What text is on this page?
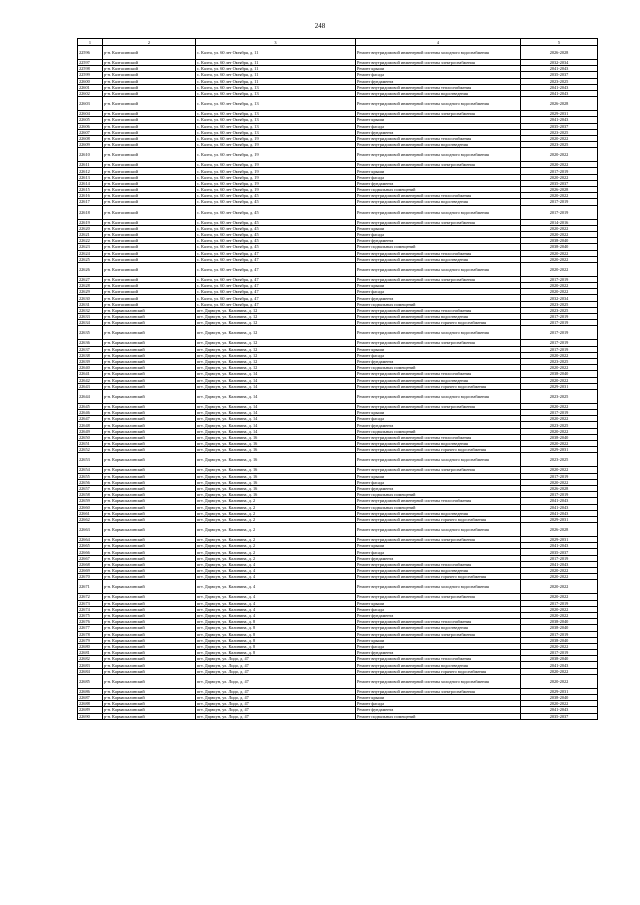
248
1	2	3	4	5
22596	р-н. Калтасинский	с. Калта, ул. 60 лет Октября, д. 11	Ремонт внутридомовой инженерной системы холодного водоснабжения	2026-2028
22597	р-н. Калтасинский	с. Калта, ул. 60 лет Октября, д. 11	Ремонт внутридомовой инженерной системы электроснабжения	2032-2034
22598	р-н. Калтасинский	с. Калта, ул. 60 лет Октября, д. 11	Ремонт крыши	2041-2043
22599	р-н. Калтасинский	с. Калта, ул. 60 лет Октября, д. 11	Ремонт фасада	2035-2037
22600	р-н. Калтасинский	с. Калта, ул. 60 лет Октября, д. 11	Ремонт фундамента	2023-2025
22601	р-н. Калтасинский	с. Калта, ул. 60 лет Октября, д. 13	Ремонт внутридомовой инженерной системы теплоснабжения	2041-2043
22602	р-н. Калтасинский	с. Калта, ул. 60 лет Октября, д. 13	Ремонт внутридомовой инженерной системы водоотведения	2041-2043
22603	р-н. Калтасинский	с. Калта, ул. 60 лет Октября, д. 13	Ремонт внутридомовой инженерной системы холодного водоснабжения	2026-2028
22604	р-н. Калтасинский	с. Калта, ул. 60 лет Октября, д. 13	Ремонт внутридомовой инженерной системы электроснабжения	2029-2031
22605	р-н. Калтасинский	с. Калта, ул. 60 лет Октября, д. 13	Ремонт крыши	2041-2043
22606	р-н. Калтасинский	с. Калта, ул. 60 лет Октября, д. 13	Ремонт фасада	2035-2037
22607	р-н. Калтасинский	с. Калта, ул. 60 лет Октября, д. 13	Ремонт фундамента	2023-2025
22608	р-н. Калтасинский	с. Калта, ул. 60 лет Октября, д. 19	Ремонт внутридомовой инженерной системы теплоснабжения	2020-2022
22609	р-н. Калтасинский	с. Калта, ул. 60 лет Октября, д. 19	Ремонт внутридомовой инженерной системы водоотведения	2023-2025
22610	р-н. Калтасинский	с. Калта, ул. 60 лет Октября, д. 19	Ремонт внутридомовой инженерной системы холодного водоснабжения	2020-2022
22611	р-н. Калтасинский	с. Калта, ул. 60 лет Октября, д. 19	Ремонт внутридомовой инженерной системы электроснабжения	2020-2022
22612	р-н. Калтасинский	с. Калта, ул. 60 лет Октября, д. 19	Ремонт крыши	2017-2019
22613	р-н. Калтасинский	с. Калта, ул. 60 лет Октября, д. 19	Ремонт фасада	2020-2022
22614	р-н. Калтасинский	с. Калта, ул. 60 лет Октября, д. 19	Ремонт фундамента	2035-2037
22615	р-н. Калтасинский	с. Калта, ул. 60 лет Октября, д. 19	Ремонт подвальных помещений	2026-2028
22616	р-н. Калтасинский	с. Калта, ул. 60 лет Октября, д. 45	Ремонт внутридомовой инженерной системы теплоснабжения	2020-2022
22617	р-н. Калтасинский	с. Калта, ул. 60 лет Октября, д. 45	Ремонт внутридомовой инженерной системы водоотведения	2017-2019
22618	р-н. Калтасинский	с. Калта, ул. 60 лет Октября, д. 45	Ремонт внутридомовой инженерной системы холодного водоснабжения	2017-2019
22619	р-н. Калтасинский	с. Калта, ул. 60 лет Октября, д. 45	Ремонт внутридомовой инженерной системы электроснабжения	2014-2016
22620	р-н. Калтасинский	с. Калта, ул. 60 лет Октября, д. 45	Ремонт крыши	2020-2022
22621	р-н. Калтасинский	с. Калта, ул. 60 лет Октября, д. 45	Ремонт фасада	2020-2022
22622	р-н. Калтасинский	с. Калта, ул. 60 лет Октября, д. 45	Ремонт фундамента	2038-2040
22623	р-н. Калтасинский	с. Калта, ул. 60 лет Октября, д. 45	Ремонт подвальных помещений	2038-2040
22624	р-н. Калтасинский	с. Калта, ул. 60 лет Октября, д. 47	Ремонт внутридомовой инженерной системы теплоснабжения	2020-2022
22625	р-н. Калтасинский	с. Калта, ул. 60 лет Октября, д. 47	Ремонт внутридомовой инженерной системы водоотведения	2020-2022
22626	р-н. Калтасинский	с. Калта, ул. 60 лет Октября, д. 47	Ремонт внутридомовой инженерной системы холодного водоснабжения	2020-2022
22627	р-н. Калтасинский	с. Калта, ул. 60 лет Октября, д. 47	Ремонт внутридомовой инженерной системы электроснабжения	2017-2019
22628	р-н. Калтасинский	с. Калта, ул. 60 лет Октября, д. 47	Ремонт крыши	2020-2022
22629	р-н. Калтасинский	с. Калта, ул. 60 лет Октября, д. 47	Ремонт фасада	2020-2022
22630	р-н. Калтасинский	с. Калта, ул. 60 лет Октября, д. 47	Ремонт фундамента	2032-2034
22631	р-н. Калтасинский	с. Калта, ул. 60 лет Октября, д. 47	Ремонт подвальных помещений	2023-2025
22632	р-н. Кармаскалинский	пгт. Дарвсун, ул. Калинина, д. 12	Ремонт внутридомовой инженерной системы теплоснабжения	2023-2025
22633	р-н. Кармаскалинский	пгт. Дарвсун, ул. Калинина, д. 12	Ремонт внутридомовой инженерной системы водоотведения	2017-2019
22634	р-н. Кармаскалинский	пгт. Дарвсун, ул. Калинина, д. 12	Ремонт внутридомовой инженерной системы горячего водоснабжения	2017-2019
22635	р-н. Кармаскалинский	пгт. Дарвсун, ул. Калинина, д. 12	Ремонт внутридомовой инженерной системы холодного водоснабжения	2017-2019
22636	р-н. Кармаскалинский	пгт. Дарвсун, ул. Калинина, д. 12	Ремонт внутридомовой инженерной системы электроснабжения	2017-2019
22637	р-н. Кармаскалинский	пгт. Дарвсун, ул. Калинина, д. 12	Ремонт крыши	2017-2019
22638	р-н. Кармаскалинский	пгт. Дарвсун, ул. Калинина, д. 12	Ремонт фасада	2020-2022
22639	р-н. Кармаскалинский	пгт. Дарвсун, ул. Калинина, д. 12	Ремонт фундамента	2023-2025
22640	р-н. Кармаскалинский	пгт. Дарвсун, ул. Калинина, д. 12	Ремонт подвальных помещений	2020-2022
22641	р-н. Кармаскалинский	пгт. Дарвсун, ул. Калинина, д. 14	Ремонт внутридомовой инженерной системы теплоснабжения	2038-2040
22642	р-н. Кармаскалинский	пгт. Дарвсун, ул. Калинина, д. 14	Ремонт внутридомовой инженерной системы водоотведения	2020-2022
22643	р-н. Кармаскалинский	пгт. Дарвсун, ул. Калинина, д. 14	Ремонт внутридомовой инженерной системы горячего водоснабжения	2029-2031
22644	р-н. Кармаскалинский	пгт. Дарвсун, ул. Калинина, д. 14	Ремонт внутридомовой инженерной системы холодного водоснабжения	2023-2025
22645	р-н. Кармаскалинский	пгт. Дарвсун, ул. Калинина, д. 14	Ремонт внутридомовой инженерной системы электроснабжения	2020-2022
22646	р-н. Кармаскалинский	пгт. Дарвсун, ул. Калинина, д. 14	Ремонт крыши	2017-2019
22647	р-н. Кармаскалинский	пгт. Дарвсун, ул. Калинина, д. 14	Ремонт фасада	2020-2022
22648	р-н. Кармаскалинский	пгт. Дарвсун, ул. Калинина, д. 14	Ремонт фундамента	2023-2025
22649	р-н. Кармаскалинский	пгт. Дарвсун, ул. Калинина, д. 14	Ремонт подвальных помещений	2020-2022
22650	р-н. Кармаскалинский	пгт. Дарвсун, ул. Калинина, д. 16	Ремонт внутридомовой инженерной системы теплоснабжения	2038-2040
22651	р-н. Кармаскалинский	пгт. Дарвсун, ул. Калинина, д. 16	Ремонт внутридомовой инженерной системы водоотведения	2020-2022
22652	р-н. Кармаскалинский	пгт. Дарвсун, ул. Калинина, д. 16	Ремонт внутридомовой инженерной системы горячего водоснабжения	2029-2031
22653	р-н. Кармаскалинский	пгт. Дарвсун, ул. Калинина, д. 16	Ремонт внутридомовой инженерной системы холодного водоснабжения	2023-2025
22654	р-н. Кармаскалинский	пгт. Дарвсун, ул. Калинина, д. 16	Ремонт внутридомовой инженерной системы электроснабжения	2020-2022
22655	р-н. Кармаскалинский	пгт. Дарвсун, ул. Калинина, д. 16	Ремонт крыши	2017-2019
22656	р-н. Кармаскалинский	пгт. Дарвсун, ул. Калинина, д. 16	Ремонт фасада	2020-2022
22657	р-н. Кармаскалинский	пгт. Дарвсун, ул. Калинина, д. 16	Ремонт фундамента	2026-2028
22658	р-н. Кармаскалинский	пгт. Дарвсун, ул. Калинина, д. 16	Ремонт подвальных помещений	2017-2019
22659	р-н. Кармаскалинский	пгт. Дарвсун, ул. Калинина, д. 2	Ремонт внутридомовой инженерной системы теплоснабжения	2041-2043
22660	р-н. Кармаскалинский	пгт. Дарвсун, ул. Калинина, д. 2	Ремонт подвальных помещений	2041-2043
22661	р-н. Кармаскалинский	пгт. Дарвсун, ул. Калинина, д. 2	Ремонт внутридомовой инженерной системы водоотведения	2041-2043
22662	р-н. Кармаскалинский	пгт. Дарвсун, ул. Калинина, д. 2	Ремонт внутридомовой инженерной системы горячего водоснабжения	2029-2031
22663	р-н. Кармаскалинский	пгт. Дарвсун, ул. Калинина, д. 2	Ремонт внутридомовой инженерной системы холодного водоснабжения	2026-2028
22664	р-н. Кармаскалинский	пгт. Дарвсун, ул. Калинина, д. 2	Ремонт внутридомовой инженерной системы электроснабжения	2029-2031
22665	р-н. Кармаскалинский	пгт. Дарвсун, ул. Калинина, д. 2	Ремонт крыши	2041-2043
22666	р-н. Кармаскалинский	пгт. Дарвсун, ул. Калинина, д. 2	Ремонт фасада	2035-2037
22667	р-н. Кармаскалинский	пгт. Дарвсун, ул. Калинина, д. 2	Ремонт фундамента	2017-2019
22668	р-н. Кармаскалинский	пгт. Дарвсун, ул. Калинина, д. 4	Ремонт внутридомовой инженерной системы теплоснабжения	2041-2043
22669	р-н. Кармаскалинский	пгт. Дарвсун, ул. Калинина, д. 4	Ремонт внутридомовой инженерной системы водоотведения	2020-2022
22670	р-н. Кармаскалинский	пгт. Дарвсун, ул. Калинина, д. 4	Ремонт внутридомовой инженерной системы горячего водоснабжения	2020-2022
22671	р-н. Кармаскалинский	пгт. Дарвсун, ул. Калинина, д. 4	Ремонт внутридомовой инженерной системы холодного водоснабжения	2020-2022
22672	р-н. Кармаскалинский	пгт. Дарвсун, ул. Калинина, д. 4	Ремонт внутридомовой инженерной системы электроснабжения	2020-2022
22673	р-н. Кармаскалинский	пгт. Дарвсун, ул. Калинина, д. 4	Ремонт крыши	2017-2019
22674	р-н. Кармаскалинский	пгт. Дарвсун, ул. Калинина, д. 4	Ремонт фасада	2020-2022
22675	р-н. Кармаскалинский	пгт. Дарвсун, ул. Калинина, д. 4	Ремонт фундамента	2020-2022
22676	р-н. Кармаскалинский	пгт. Дарвсун, ул. Калинина, д. 8	Ремонт внутридомовой инженерной системы теплоснабжения	2038-2040
22677	р-н. Кармаскалинский	пгт. Дарвсун, ул. Калинина, д. 8	Ремонт внутридомовой инженерной системы водоотведения	2038-2040
22678	р-н. Кармаскалинский	пгт. Дарвсун, ул. Калинина, д. 8	Ремонт внутридомовой инженерной системы электроснабжения	2017-2019
22679	р-н. Кармаскалинский	пгт. Дарвсун, ул. Калинина, д. 8	Ремонт крыши	2038-2040
22680	р-н. Кармаскалинский	пгт. Дарвсун, ул. Калинина, д. 8	Ремонт фасада	2020-2022
22681	р-н. Кармаскалинский	пгт. Дарвсун, ул. Калинина, д. 8	Ремонт фундамента	2017-2019
22682	р-н. Кармаскалинский	пгт. Дарвсун, ул. Лидо, д. 47	Ремонт внутридомовой инженерной системы теплоснабжения	2038-2040
22683	р-н. Кармаскалинский	пгт. Дарвсун, ул. Лидо, д. 47	Ремонт внутридомовой инженерной системы водоотведения	2041-2043
22684	р-н. Кармаскалинский	пгт. Дарвсун, ул. Лидо, д. 47	Ремонт внутридомовой инженерной системы горячего водоснабжения	2020-2022
22685	р-н. Кармаскалинский	пгт. Дарвсун, ул. Лидо, д. 47	Ремонт внутридомовой инженерной системы холодного водоснабжения	2020-2022
22686	р-н. Кармаскалинский	пгт. Дарвсун, ул. Лидо, д. 47	Ремонт внутридомовой инженерной системы электроснабжения	2029-2031
22687	р-н. Кармаскалинский	пгт. Дарвсун, ул. Лидо, д. 47	Ремонт крыши	2038-2040
22688	р-н. Кармаскалинский	пгт. Дарвсун, ул. Лидо, д. 47	Ремонт фасада	2020-2022
22689	р-н. Кармаскалинский	пгт. Дарвсун, ул. Лидо, д. 47	Ремонт фундамента	2041-2043
22690	р-н. Кармаскалинский	пгт. Дарвсун, ул. Лидо, д. 47	Ремонт подвальных помещений	2035-2037
